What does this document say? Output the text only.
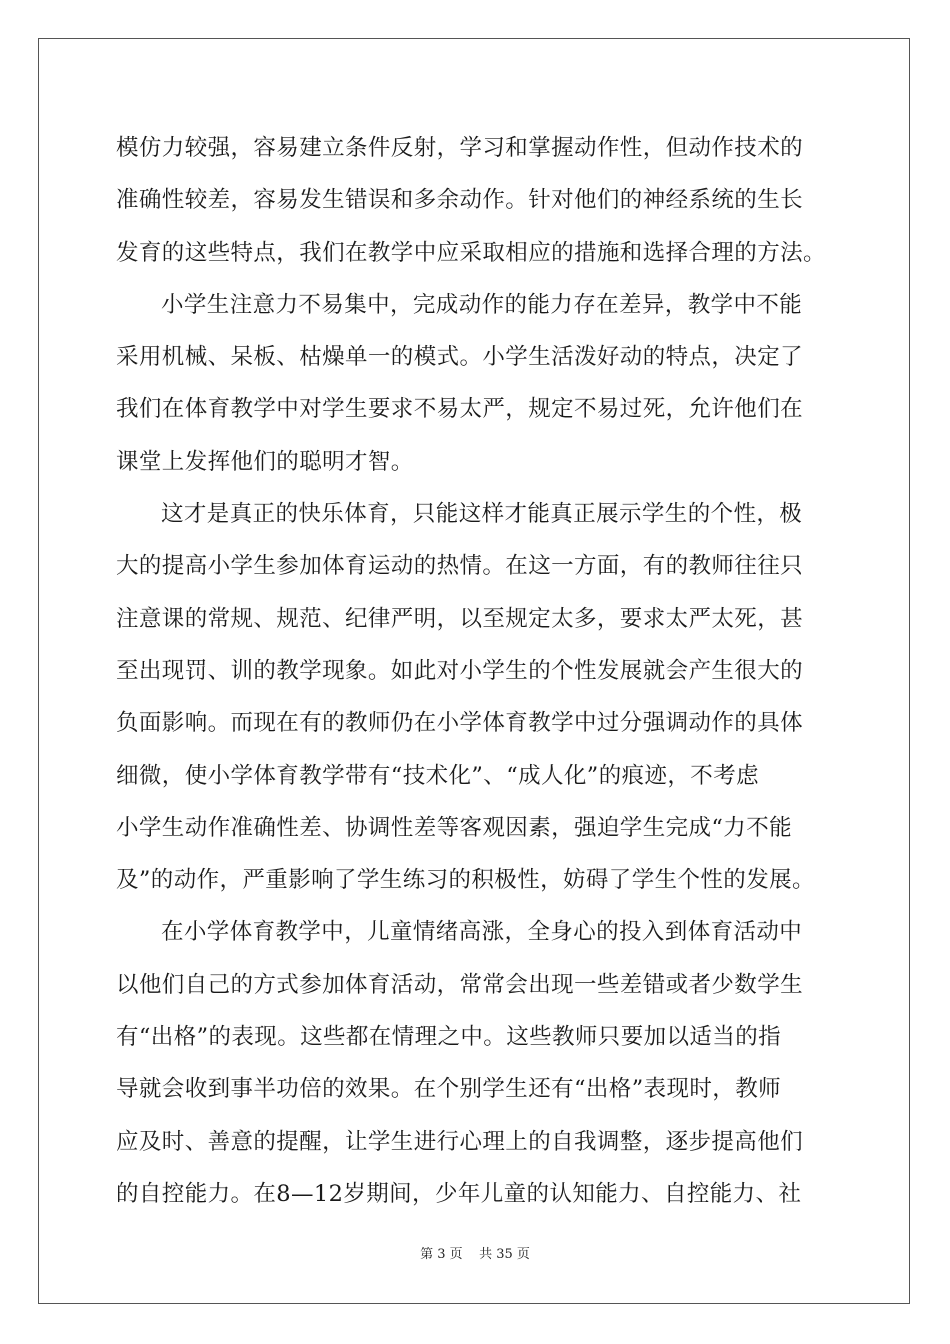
模仿力较强，容易建立条件反射，学习和掌握动作性，但动作技术的
准确性较差，容易发生错误和多余动作。针对他们的神经系统的生长
发育的这些特点，我们在教学中应采取相应的措施和选择合理的方法。
小学生注意力不易集中，完成动作的能力存在差异，教学中不能
采用机械、呆板、枯燥单一的模式。小学生活泼好动的特点，决定了
我们在体育教学中对学生要求不易太严，规定不易过死，允许他们在
课堂上发挥他们的聪明才智。
这才是真正的快乐体育，只能这样才能真正展示学生的个性，极
大的提高小学生参加体育运动的热情。在这一方面，有的教师往往只
注意课的常规、规范、纪律严明，以至规定太多，要求太严太死，甚
至出现罚、训的教学现象。如此对小学生的个性发展就会产生很大的
负面影响。而现在有的教师仍在小学体育教学中过分强调动作的具体
细微，使小学体育教学带有“技术化”、“成人化”的痕迹，不考虑
小学生动作准确性差、协调性差等客观因素，强迫学生完成“力不能
及”的动作，严重影响了学生练习的积极性，妨碍了学生个性的发展。
在小学体育教学中，儿童情绪高涨，全身心的投入到体育活动中
以他们自己的方式参加体育活动，常常会出现一些差错或者少数学生
有“出格”的表现。这些都在情理之中。这些教师只要加以适当的指
导就会收到事半功倍的效果。在个别学生还有“出格”表现时，教师
应及时、善意的提醒，让学生进行心理上的自我调整，逐步提高他们
的自控能力。在8—12岁期间，少年儿童的认知能力、自控能力、社
第 3 页    共 35 页
